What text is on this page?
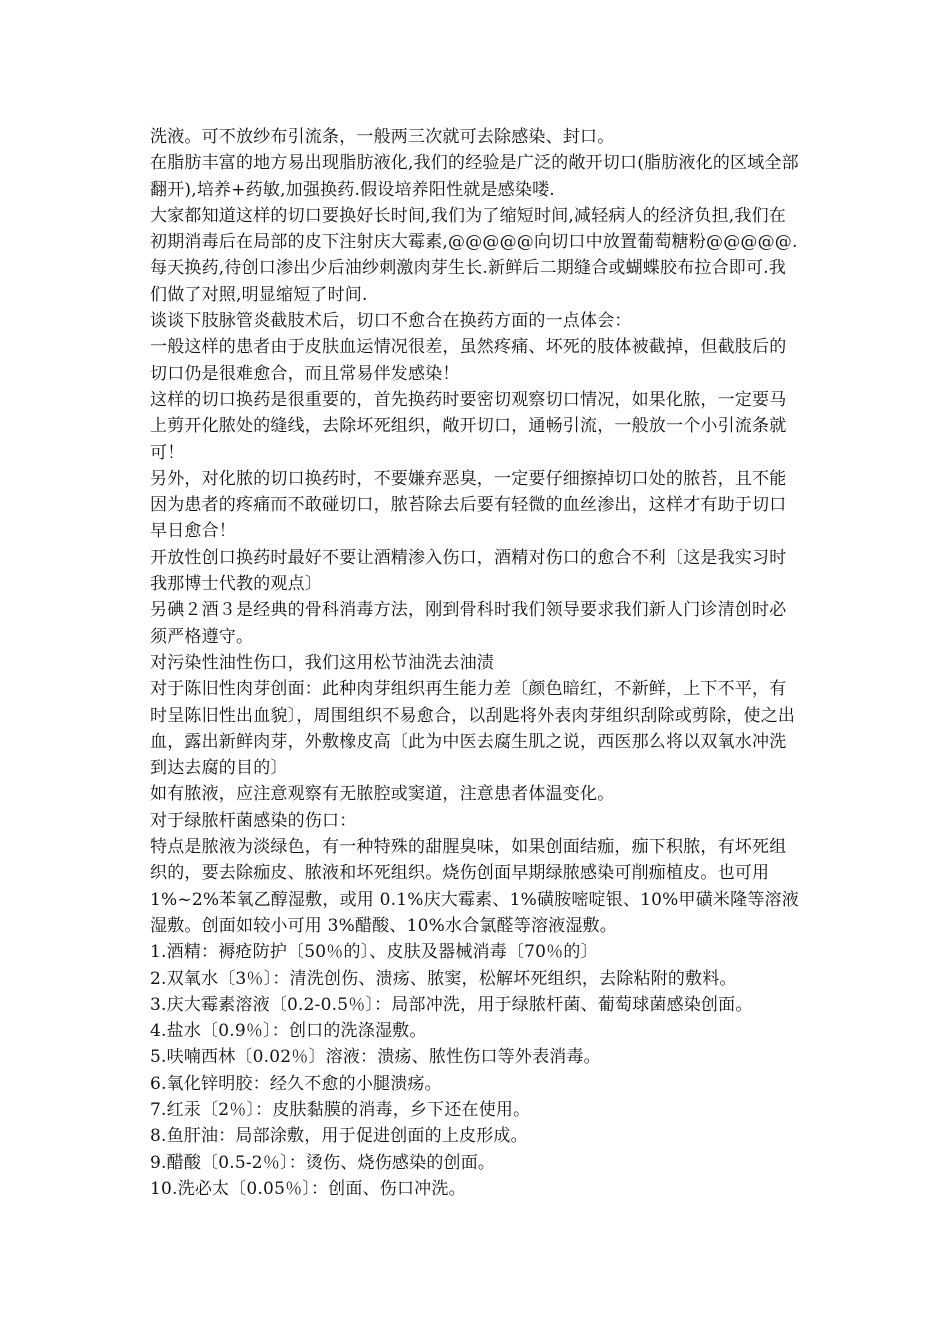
洗液。可不放纱布引流条，一般两三次就可去除感染、封口。

在脂肪丰富的地方易出现脂肪液化,我们的经验是广泛的敞开切口(脂肪液化的区域全部翻开),培养+药敏,加强换药.假设培养阳性就是感染喽.

大家都知道这样的切口要换好长时间,我们为了缩短时间,减轻病人的经济负担,我们在初期消毒后在局部的皮下注射庆大霉素,@@@@@向切口中放置葡萄糖粉@@@@@.每天换药,待创口渗出少后油纱刺激肉芽生长.新鲜后二期缝合或蝴蝶胶布拉合即可.我们做了对照,明显缩短了时间.

谈谈下肢脉管炎截肢术后，切口不愈合在换药方面的一点体会：

一般这样的患者由于皮肤血运情况很差，虽然疼痛、坏死的肢体被截掉，但截肢后的切口仍是很难愈合，而且常易伴发感染！

这样的切口换药是很重要的，首先换药时要密切观察切口情况，如果化脓，一定要马上剪开化脓处的缝线，去除坏死组织，敞开切口，通畅引流，一般放一个小引流条就可！

另外，对化脓的切口换药时，不要嫌弃恶臭，一定要仔细擦掉切口处的脓苔，且不能因为患者的疼痛而不敢碰切口，脓苔除去后要有轻微的血丝渗出，这样才有助于切口早日愈合！

开放性创口换药时最好不要让酒精渗入伤口，酒精对伤口的愈合不利〔这是我实习时我那博士代教的观点〕

另碘２酒３是经典的骨科消毒方法，刚到骨科时我们领导要求我们新人门诊清创时必须严格遵守。

对污染性油性伤口，我们这用松节油洗去油渍

对于陈旧性肉芽创面：此种肉芽组织再生能力差〔颜色暗红，不新鲜，上下不平，有时呈陈旧性出血貌〕，周围组织不易愈合，以刮匙将外表肉芽组织刮除或剪除，使之出血，露出新鲜肉芽，外敷橡皮高〔此为中医去腐生肌之说，西医那么将以双氧水冲洗到达去腐的目的〕

如有脓液，应注意观察有无脓腔或窦道，注意患者体温变化。

对于绿脓杆菌感染的伤口：

特点是脓液为淡绿色，有一种特殊的甜腥臭味，如果创面结痂，痂下积脓，有坏死组织的，要去除痂皮、脓液和坏死组织。烧伤创面早期绿脓感染可削痂植皮。也可用 1%~2%苯氧乙醇湿敷，或用 0.1%庆大霉素、1%磺胺嘧啶银、10%甲磺米隆等溶液湿敷。创面如较小可用 3%醋酸、10%水合氯醛等溶液湿敷。

1.酒精：褥疮防护〔50％的〕、皮肤及器械消毒〔70％的〕

2.双氧水〔3％〕：清洗创伤、溃疡、脓窦，松解坏死组织，去除粘附的敷料。

3.庆大霉素溶液〔0.2-0.5％〕：局部冲洗，用于绿脓杆菌、葡萄球菌感染创面。

4.盐水〔0.9％〕：创口的洗涤湿敷。

5.呋喃西林〔0.02％〕溶液：溃疡、脓性伤口等外表消毒。

6.氧化锌明胶：经久不愈的小腿溃疡。

7.红汞〔2％〕：皮肤黏膜的消毒，乡下还在使用。

8.鱼肝油：局部涂敷，用于促进创面的上皮形成。

9.醋酸〔0.5-2％〕：烫伤、烧伤感染的创面。

10.洗必太〔0.05％〕：创面、伤口冲洗。
